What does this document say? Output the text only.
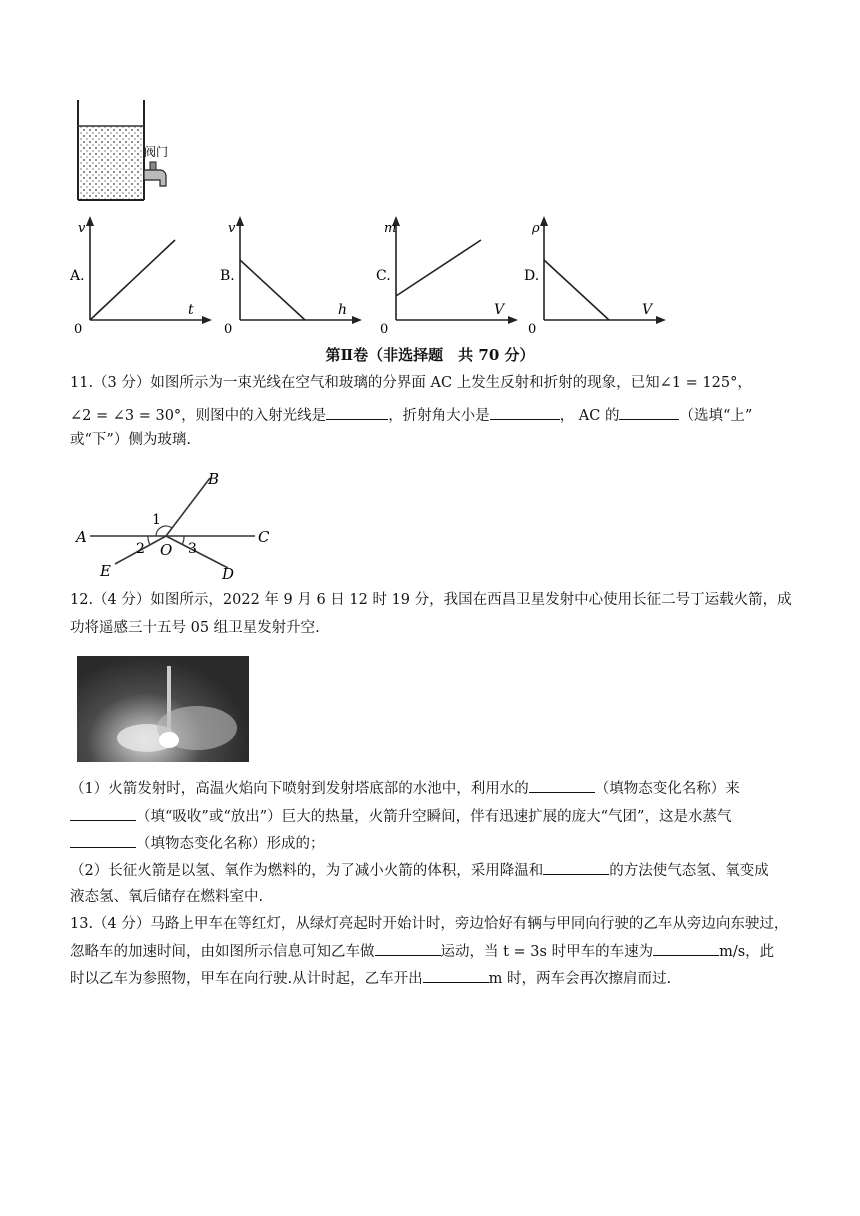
阀门
A.
v
t
0
B.
v
h
0
C.
m
V
0
D.
ρ
V
0
第Ⅱ卷（非选择题　共 70 分）
11.（3 分）如图所示为一束光线在空气和玻璃的分界面 AC 上发生反射和折射的现象，已知∠1 = 125°，
∠2 = ∠3 = 30°，则图中的入射光线是	，折射角大小是	， AC 的	（选填“上”
或“下”）侧为玻璃.
A
B
C
D
E
O
1
2	3
12.（4 分）如图所示，2022 年 9 月 6 日 12 时 19 分，我国在西昌卫星发射中心使用长征二号丁运载火箭，成
功将遥感三十五号 05 组卫星发射升空.
（1）火箭发射时，高温火焰向下喷射到发射塔底部的水池中，利用水的	（填物态变化名称）来
（填“吸收”或“放出”）巨大的热量，火箭升空瞬间，伴有迅速扩展的庞大“气团”，这是水蒸气
（填物态变化名称）形成的；
（2）长征火箭是以氢、氧作为燃料的，为了减小火箭的体积，采用降温和	的方法使气态氢、氧变成
液态氢、氧后储存在燃料室中.
13.（4 分）马路上甲车在等红灯，从绿灯亮起时开始计时，旁边恰好有辆与甲同向行驶的乙车从旁边向东驶过，
忽略车的加速时间，由如图所示信息可知乙车做	运动，当 t = 3s 时甲车的车速为	m/s，此
时以乙车为参照物，甲车在向行驶.从计时起，乙车开出	m 时，两车会再次擦肩而过.
